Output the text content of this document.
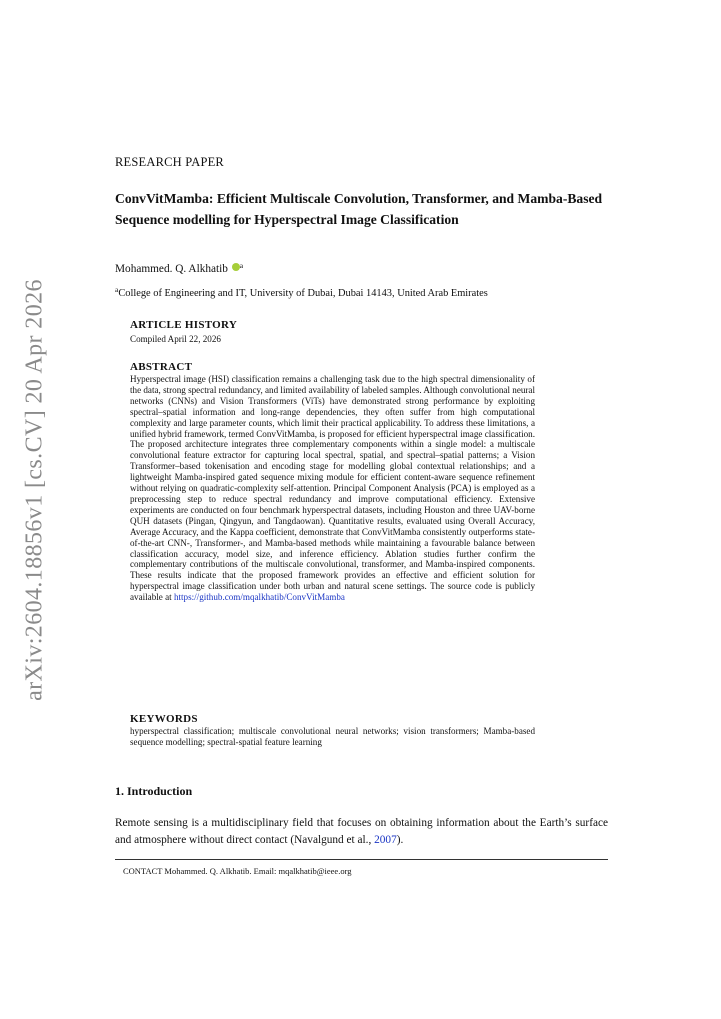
arXiv:2604.18856v1 [cs.CV] 20 Apr 2026
RESEARCH PAPER
ConvVitMamba: Efficient Multiscale Convolution, Transformer, and Mamba-Based Sequence modelling for Hyperspectral Image Classification
Mohammed. Q. Alkhatib $^a$
$^a$College of Engineering and IT, University of Dubai, Dubai 14143, United Arab Emirates
ARTICLE HISTORY
Compiled April 22, 2026
ABSTRACT
Hyperspectral image (HSI) classification remains a challenging task due to the high spectral dimensionality of the data, strong spectral redundancy, and limited availability of labeled samples. Although convolutional neural networks (CNNs) and Vision Transformers (ViTs) have demonstrated strong performance by exploiting spectral–spatial information and long-range dependencies, they often suffer from high computational complexity and large parameter counts, which limit their practical applicability. To address these limitations, a unified hybrid framework, termed ConvVitMamba, is proposed for efficient hyperspectral image classification. The proposed architecture integrates three complementary components within a single model: a multiscale convolutional feature extractor for capturing local spectral, spatial, and spectral–spatial patterns; a Vision Transformer–based tokenisation and encoding stage for modelling global contextual relationships; and a lightweight Mamba-inspired gated sequence mixing module for efficient content-aware sequence refinement without relying on quadratic-complexity self-attention. Principal Component Analysis (PCA) is employed as a preprocessing step to reduce spectral redundancy and improve computational efficiency. Extensive experiments are conducted on four benchmark hyperspectral datasets, including Houston and three UAV-borne QUH datasets (Pingan, Qingyun, and Tangdaowan). Quantitative results, evaluated using Overall Accuracy, Average Accuracy, and the Kappa coefficient, demonstrate that ConvVitMamba consistently outperforms state-of-the-art CNN-, Transformer-, and Mamba-based methods while maintaining a favourable balance between classification accuracy, model size, and inference efficiency. Ablation studies further confirm the complementary contributions of the multiscale convolutional, transformer, and Mamba-inspired components. These results indicate that the proposed framework provides an effective and efficient solution for hyperspectral image classification under both urban and natural scene settings. The source code is publicly available at https://github.com/mqalkhatib/ConvVitMamba
KEYWORDS
hyperspectral classification; multiscale convolutional neural networks; vision transformers; Mamba-based sequence modelling; spectral-spatial feature learning
1. Introduction
Remote sensing is a multidisciplinary field that focuses on obtaining information about the Earth’s surface and atmosphere without direct contact (Navalgund et al., 2007).
CONTACT Mohammed. Q. Alkhatib. Email: mqalkhatib@ieee.org
